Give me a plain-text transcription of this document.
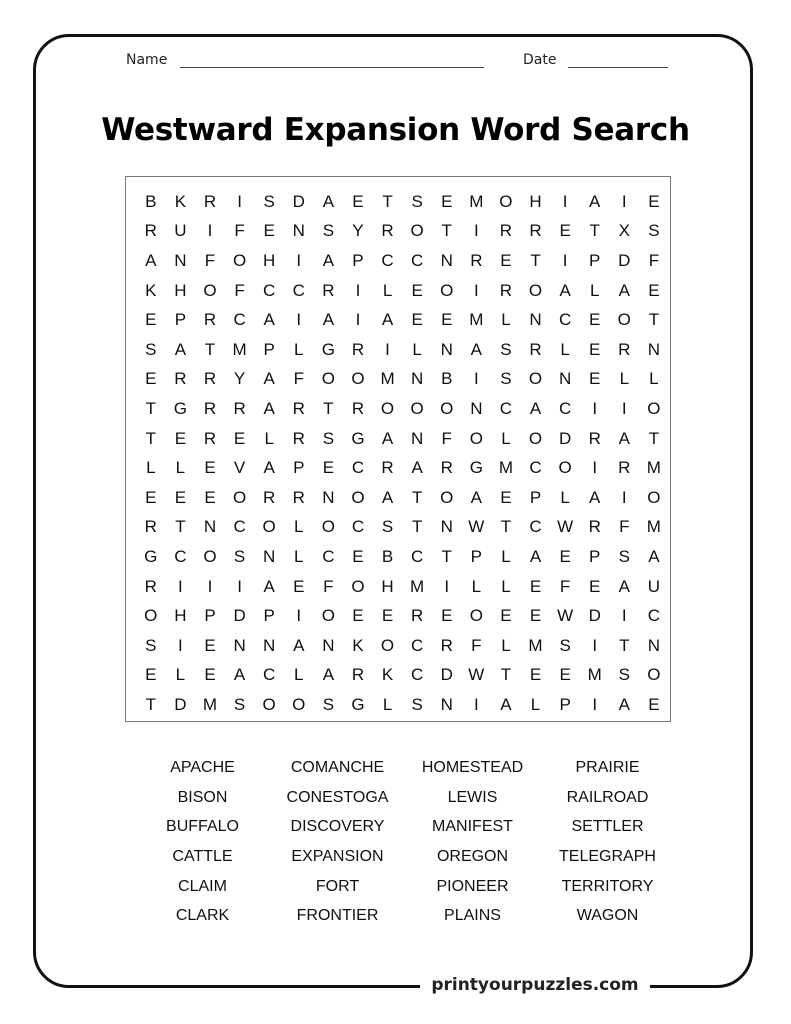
printyourpuzzles.com
Name	Date
Westward Expansion Word Search
B	K	R	I	S	D	A	E	T	S	E M O H	I	A	I	E
R	U	I	F	E	N	S	Y	R O	T	I	R	R	E	T	X	S
A	N	F	O H	I	A	P	C	C	N	R	E	T	I	P	D	F
K	H O	F	C	C	R	I	L	E	O	I	R O	A	L	A	E
E	P	R	C	A	I	A	I	A	E	E M	L	N	C	E	O	T
S	A	T	M P	L	G R	I	L	N	A	S	R	L	E	R	N
E	R	R	Y	A	F	O O M N	B	I	S	O N	E	L	L
T	G R	R	A	R	T	R O O O N	C	A	C	I	I	O
T	E	R	E	L	R	S	G	A	N	F	O	L	O D	R	A	T
L	L	E	V	A	P	E	C	R	A	R G M C O	I	R M
E	E	E	O R	R	N O	A	T	O	A	E	P	L	A	I	O
R	T	N	C O	L	O C	S	T	N W T	C W R	F	M
G C O	S	N	L	C	E	B	C	T	P	L	A	E	P	S	A
R	I	I	I	A	E	F	O H M	I	L	L	E	F	E	A	U
O H	P	D	P	I	O	E	E	R	E	O	E	E W D	I	C
S	I	E	N	N	A	N	K	O C	R	F	L	M S	I	T	N
E	L	E	A	C	L	A	R	K	C	D W T	E	E M S	O
T	D M S	O O	S	G	L	S	N	I	A	L	P	I	A	E
APACHE	COMANCHE	HOMESTEAD	PRAIRIE
BISON	CONESTOGA	LEWIS	RAILROAD
BUFFALO	DISCOVERY	MANIFEST	SETTLER
CATTLE	EXPANSION	OREGON	TELEGRAPH
CLAIM	FORT	PIONEER	TERRITORY
CLARK	FRONTIER	PLAINS	WAGON
